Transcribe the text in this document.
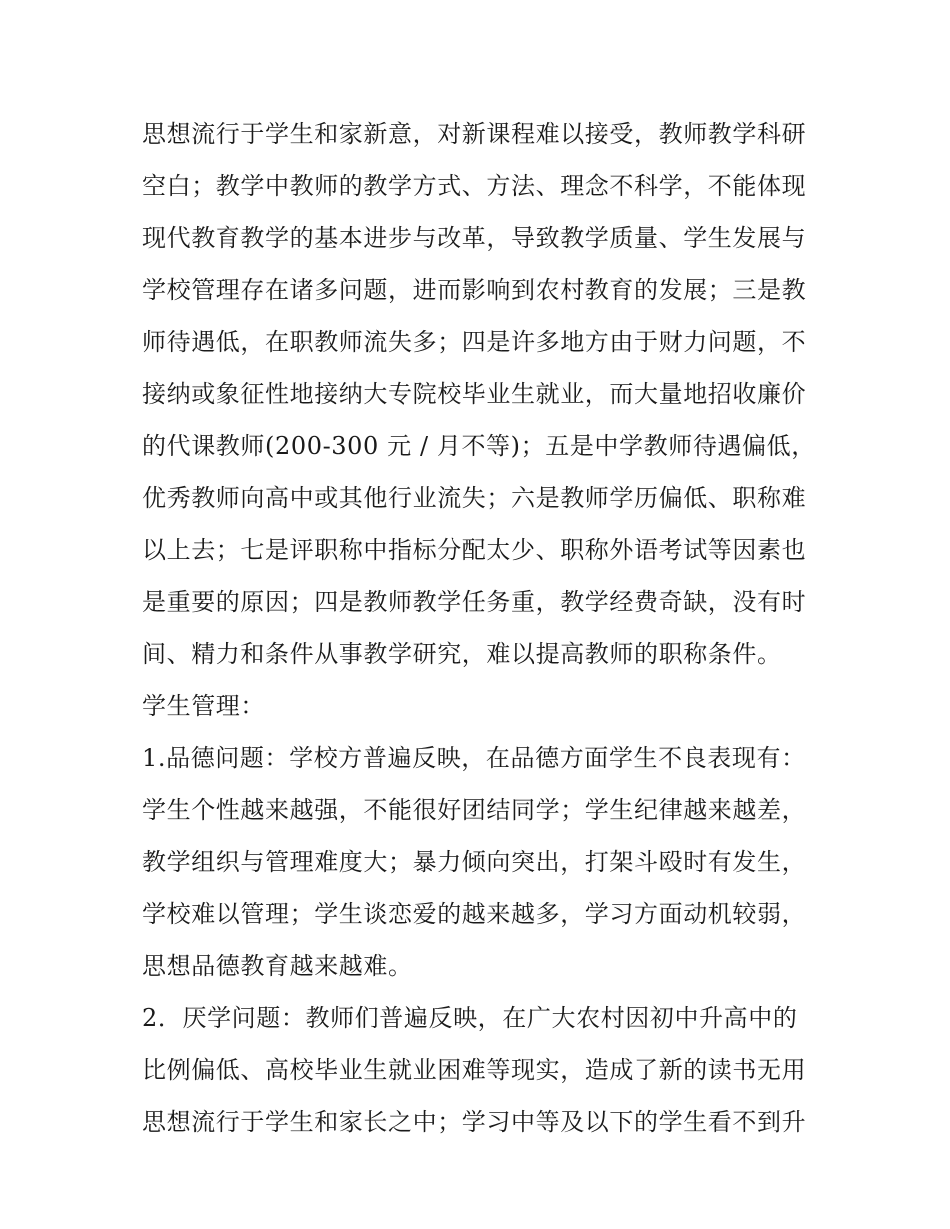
思想流行于学生和家新意，对新课程难以接受，教师教学科研
空白；教学中教师的教学方式、方法、理念不科学，不能体现
现代教育教学的基本进步与改革，导致教学质量、学生发展与
学校管理存在诸多问题，进而影响到农村教育的发展；三是教
师待遇低，在职教师流失多；四是许多地方由于财力问题，不
接纳或象征性地接纳大专院校毕业生就业，而大量地招收廉价
的代课教师(200-300 元 / 月不等)；五是中学教师待遇偏低，
优秀教师向高中或其他行业流失；六是教师学历偏低、职称难
以上去；七是评职称中指标分配太少、职称外语考试等因素也
是重要的原因；四是教师教学任务重，教学经费奇缺，没有时
间、精力和条件从事教学研究，难以提高教师的职称条件。
学生管理：
1.品德问题：学校方普遍反映，在品德方面学生不良表现有：
学生个性越来越强，不能很好团结同学；学生纪律越来越差，
教学组织与管理难度大；暴力倾向突出，打架斗殴时有发生，
学校难以管理；学生谈恋爱的越来越多，学习方面动机较弱，
思想品德教育越来越难。
2．厌学问题：教师们普遍反映，在广大农村因初中升高中的
比例偏低、高校毕业生就业困难等现实，造成了新的读书无用
思想流行于学生和家长之中；学习中等及以下的学生看不到升
